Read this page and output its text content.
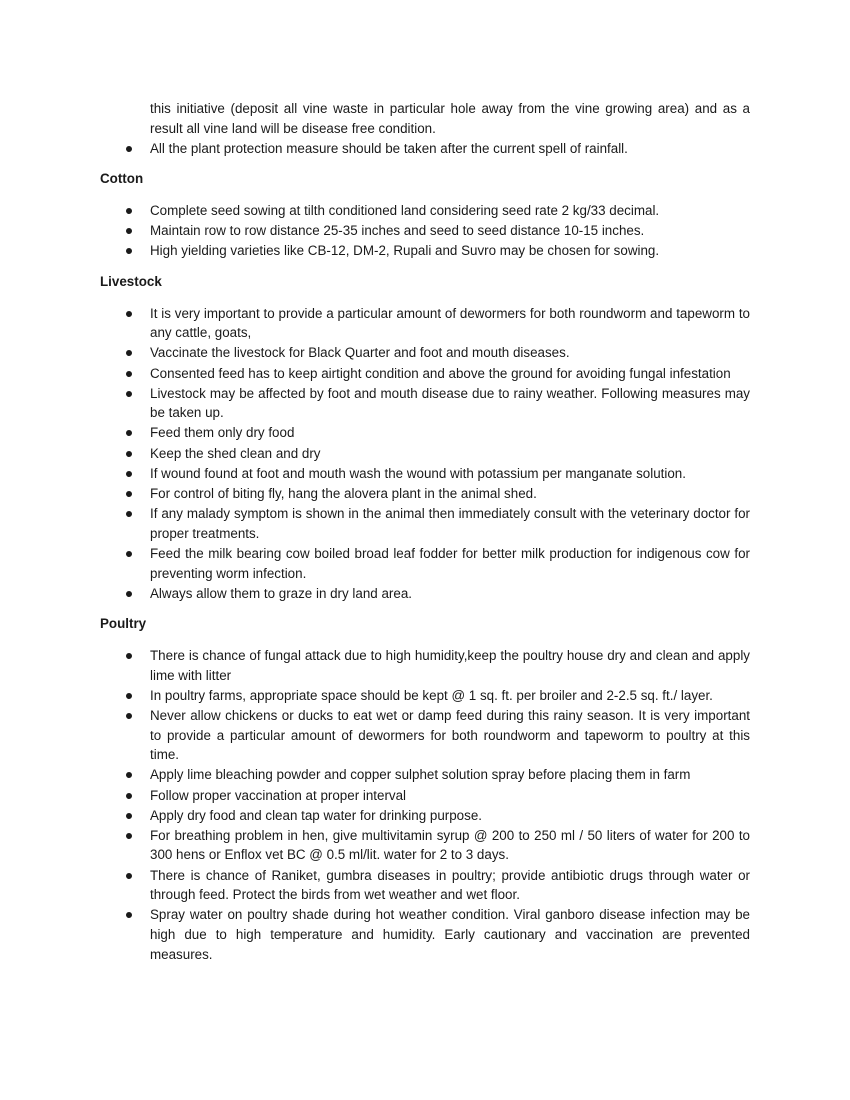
this initiative (deposit all vine waste in particular hole away from the vine growing area) and as a result all vine land will be disease free condition.
All the plant protection measure should be taken after the current spell of rainfall.
Cotton
Complete seed sowing at tilth conditioned land considering seed rate 2 kg/33 decimal.
Maintain row to row distance 25-35 inches and seed to seed distance 10-15 inches.
High yielding varieties like CB-12, DM-2, Rupali and Suvro may be chosen for sowing.
Livestock
It is very important to provide a particular amount of dewormers for both roundworm and tapeworm to any cattle, goats,
Vaccinate the livestock for Black Quarter and foot and mouth diseases.
Consented feed has to keep airtight condition and above the ground for avoiding fungal infestation
Livestock may be affected by foot and mouth disease due to rainy weather. Following measures may be taken up.
Feed them only dry food
Keep the shed clean and dry
If wound found at foot and mouth wash the wound with potassium per manganate solution.
For control of biting fly, hang the alovera plant in the animal shed.
If any malady symptom is shown in the animal then immediately consult with the veterinary doctor for proper treatments.
Feed the milk bearing cow boiled broad leaf fodder for better milk production for indigenous cow for preventing worm infection.
Always allow them to graze in dry land area.
Poultry
There is chance of fungal attack due to high humidity,keep the poultry house dry and clean and apply lime with litter
In poultry farms, appropriate space should be kept @ 1 sq. ft. per broiler and 2-2.5 sq. ft./ layer.
Never allow chickens or ducks to eat wet or damp feed during this rainy season. It is very important to provide a particular amount of dewormers for both roundworm and tapeworm to poultry at this time.
Apply lime bleaching powder and copper sulphet solution spray before placing them in farm
Follow proper vaccination at proper interval
Apply dry food and clean tap water for drinking purpose.
For breathing problem in hen, give multivitamin syrup @ 200 to 250 ml / 50 liters of water for 200 to 300 hens or Enflox vet BC @ 0.5 ml/lit. water for 2 to 3 days.
There is chance of Raniket, gumbra diseases in poultry; provide antibiotic drugs through water or through feed. Protect the birds from wet weather and wet floor.
Spray water on poultry shade during hot weather condition. Viral ganboro disease infection may be high due to high temperature and humidity. Early cautionary and vaccination are prevented measures.
